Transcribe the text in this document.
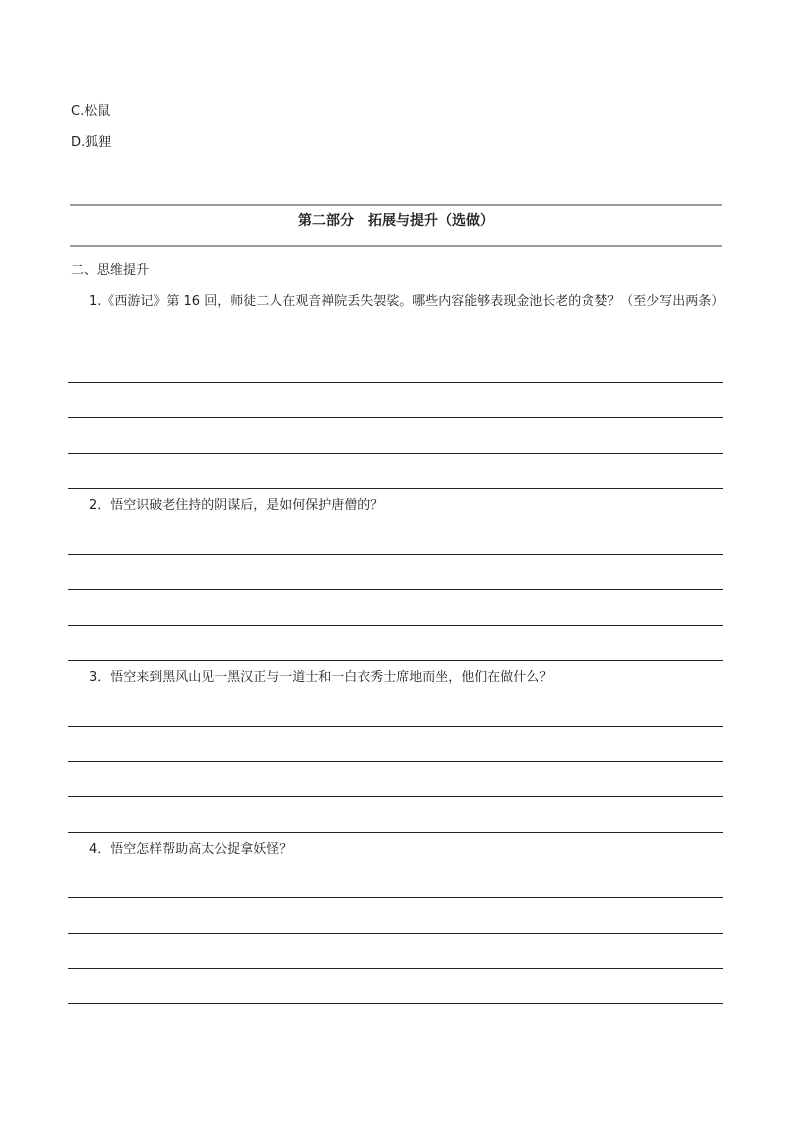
C.松鼠
D.狐狸
第二部分　拓展与提升（选做）
二、思维提升
1.《西游记》第 16 回，师徒二人在观音禅院丢失袈裟。哪些内容能够表现金池长老的贪婪？（至少写出两条）
2．悟空识破老住持的阴谋后，是如何保护唐僧的？
3．悟空来到黑风山见一黑汉正与一道士和一白衣秀士席地而坐，他们在做什么？
4．悟空怎样帮助高太公捉拿妖怪？
